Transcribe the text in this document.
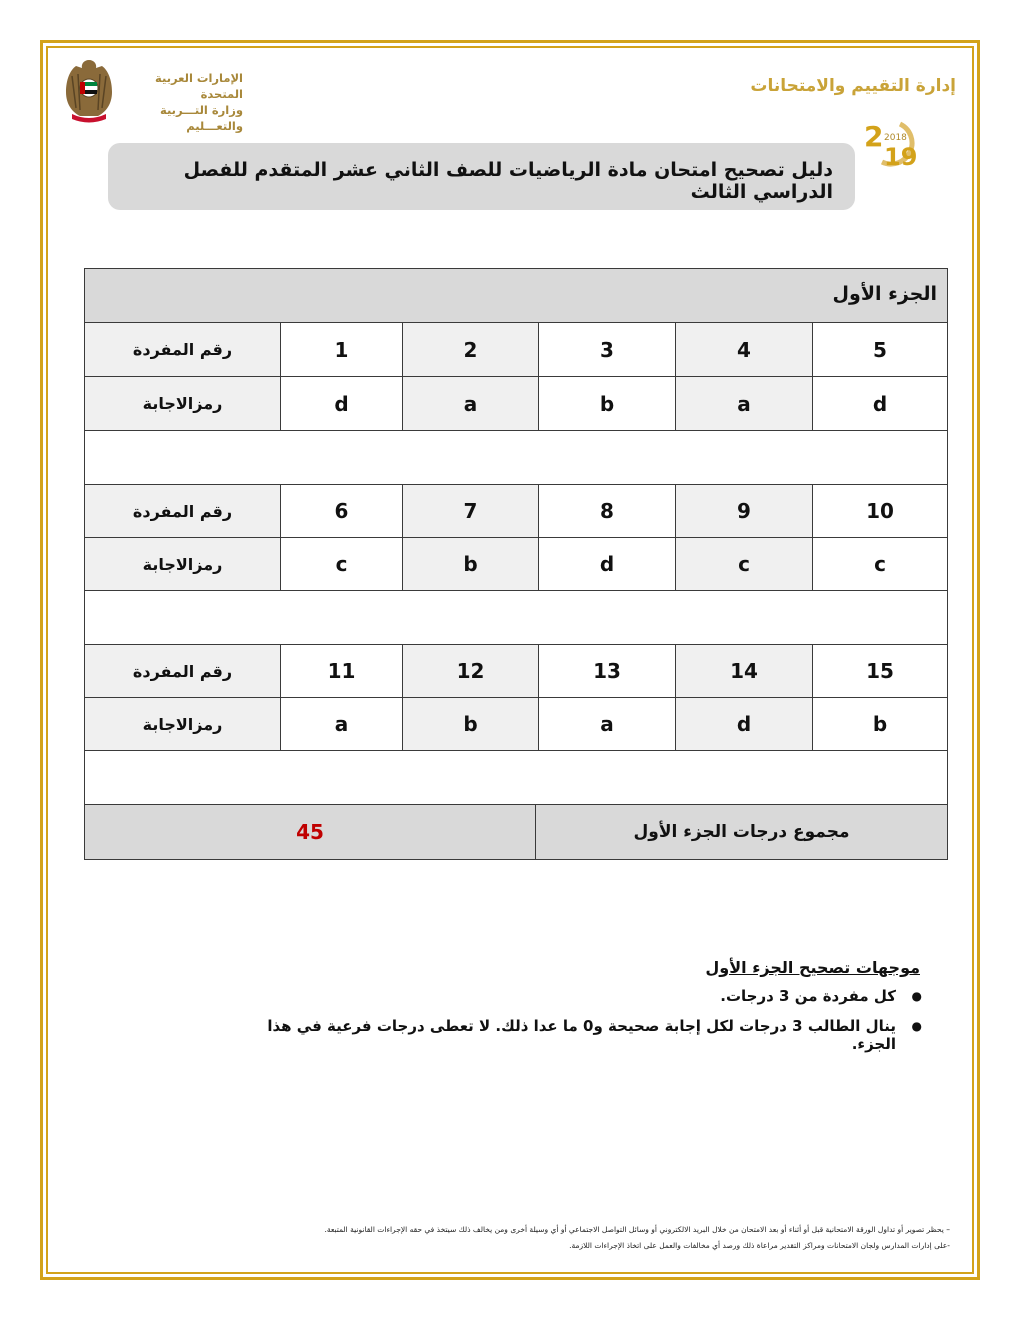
الإمارات العربية المتحدة
وزارة التـــربية والتعـــليم
إدارة التقييم والامتحانات
2 2018
19
دليل تصحيح امتحان مادة الرياضيات للصف الثاني عشر المتقدم للفصل الدراسي الثالث
الجزء الأول
رقم المفردة	1	2	3	4	5
رمزالاجابة	d	a	b	a	d
رقم المفردة	6	7	8	9	10
رمزالاجابة	c	b	d	c	c
رقم المفردة	11	12	13	14	15
رمزالاجابة	a	b	a	d	b
45	مجموع درجات الجزء الأول
موجهات تصحيح الجزء الأول
● كل مفردة من 3 درجات.
● ينال الطالب 3 درجات لكل إجابة صحيحة و0 ما عدا ذلك. لا تعطى درجات فرعية في هذا الجزء.
– يحظر تصوير أو تداول الورقة الامتحانية قبل أو أثناء أو بعد الامتحان من خلال البريد الالكتروني أو وسائل التواصل الاجتماعي أو أي وسيلة أخرى ومن يخالف ذلك سيتخذ في حقه الإجراءات القانونية المتبعة.
-على إدارات المدارس ولجان الامتحانات ومراكز التقدير مراعاة ذلك ورصد أي مخالفات والعمل على اتخاذ الإجراءات اللازمة.
